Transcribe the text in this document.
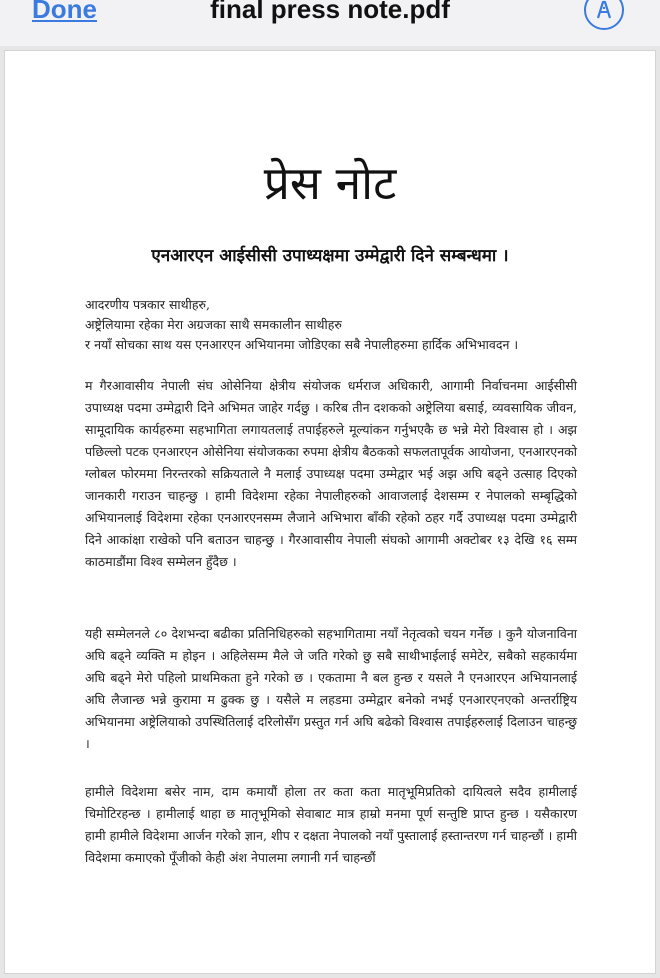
Done	final press note.pdf
प्रेस नोट
एनआरएन आईसीसी उपाध्यक्षमा उम्मेद्वारी दिने सम्बन्धमा ।
आदरणीय पत्रकार साथीहरु,
अष्ट्रेलियामा रहेका मेरा अग्रजका साथै समकालीन साथीहरु
र नयाँ सोचका साथ यस एनआरएन अभियानमा जोडिएका सबै नेपालीहरुमा हार्दिक अभिभावदन ।
म गैरआवासीय नेपाली संघ ओसेनिया क्षेत्रीय संयोजक धर्मराज अधिकारी, आगामी निर्वाचनमा आईसीसी उपाध्यक्ष पदमा उम्मेद्वारी दिने अभिमत जाहेर गर्दछु । करिब तीन दशकको अष्ट्रेलिया बसाई, व्यवसायिक जीवन, सामूदायिक कार्यहरुमा सहभागिता लगायतलाई तपाईहरुले मूल्यांकन गर्नुभएकै छ भन्ने मेरो विश्वास हो । अझ पछिल्लो पटक एनआरएन ओसेनिया संयोजकका रुपमा क्षेत्रीय बैठकको सफलतापूर्वक आयोजना, एनआरएनको ग्लोबल फोरममा निरन्तरको सक्रियताले नै मलाई उपाध्यक्ष पदमा उम्मेद्वार भई अझ अघि बढ्ने उत्साह दिएको जानकारी गराउन चाहन्छु । हामी विदेशमा रहेका नेपालीहरुको आवाजलाई देशसम्म र नेपालको सम्बृद्धिको अभियानलाई विदेशमा रहेका एनआरएनसम्म लैजाने अभिभारा बाँकी रहेको ठहर गर्दै उपाध्यक्ष पदमा उम्मेद्वारी दिने आकांक्षा राखेको पनि बताउन चाहन्छु । गैरआवासीय नेपाली संघको आगामी अक्टोबर १३ देखि १६ सम्म काठमाडौंमा विश्व सम्मेलन हुँदैछ ।
यही सम्मेलनले ८० देशभन्दा बढीका प्रतिनिधिहरुको सहभागितामा नयाँ नेतृत्वको चयन गर्नेछ । कुनै योजनाविना अघि बढ्ने व्यक्ति म होइन । अहिलेसम्म मैले जे जति गरेको छु सबै साथीभाईलाई समेटेर, सबैको सहकार्यमा अघि बढ्ने मेरो पहिलो प्राथमिकता हुने गरेको छ । एकतामा नै बल हुन्छ र यसले नै एनआरएन अभियानलाई अघि लैजान्छ भन्ने कुरामा म ढुक्क छु । यसैले म लहडमा उम्मेद्वार बनेको नभई एनआरएनएको अन्तर्राष्ट्रिय अभियानमा अष्ट्रेलियाको उपस्थितिलाई दरिलोसँग प्रस्तुत गर्न अघि बढेको विश्वास तपाईहरुलाई दिलाउन चाहन्छु ।
हामीले विदेशमा बसेर नाम, दाम कमायौं होला तर कता कता मातृभूमिप्रतिको दायित्वले सदैव हामीलाई चिमोटिरहन्छ । हामीलाई थाहा छ मातृभूमिको सेवाबाट मात्र हाम्रो मनमा पूर्ण सन्तुष्टि प्राप्त हुन्छ । यसैकारण हामी हामीले विदेशमा आर्जन गरेको ज्ञान, शीप र दक्षता नेपालको नयाँ पुस्तालाई हस्तान्तरण गर्न चाहन्छौं । हामी विदेशमा कमाएको पूँजीको केही अंश नेपालमा लगानी गर्न चाहन्छौं
